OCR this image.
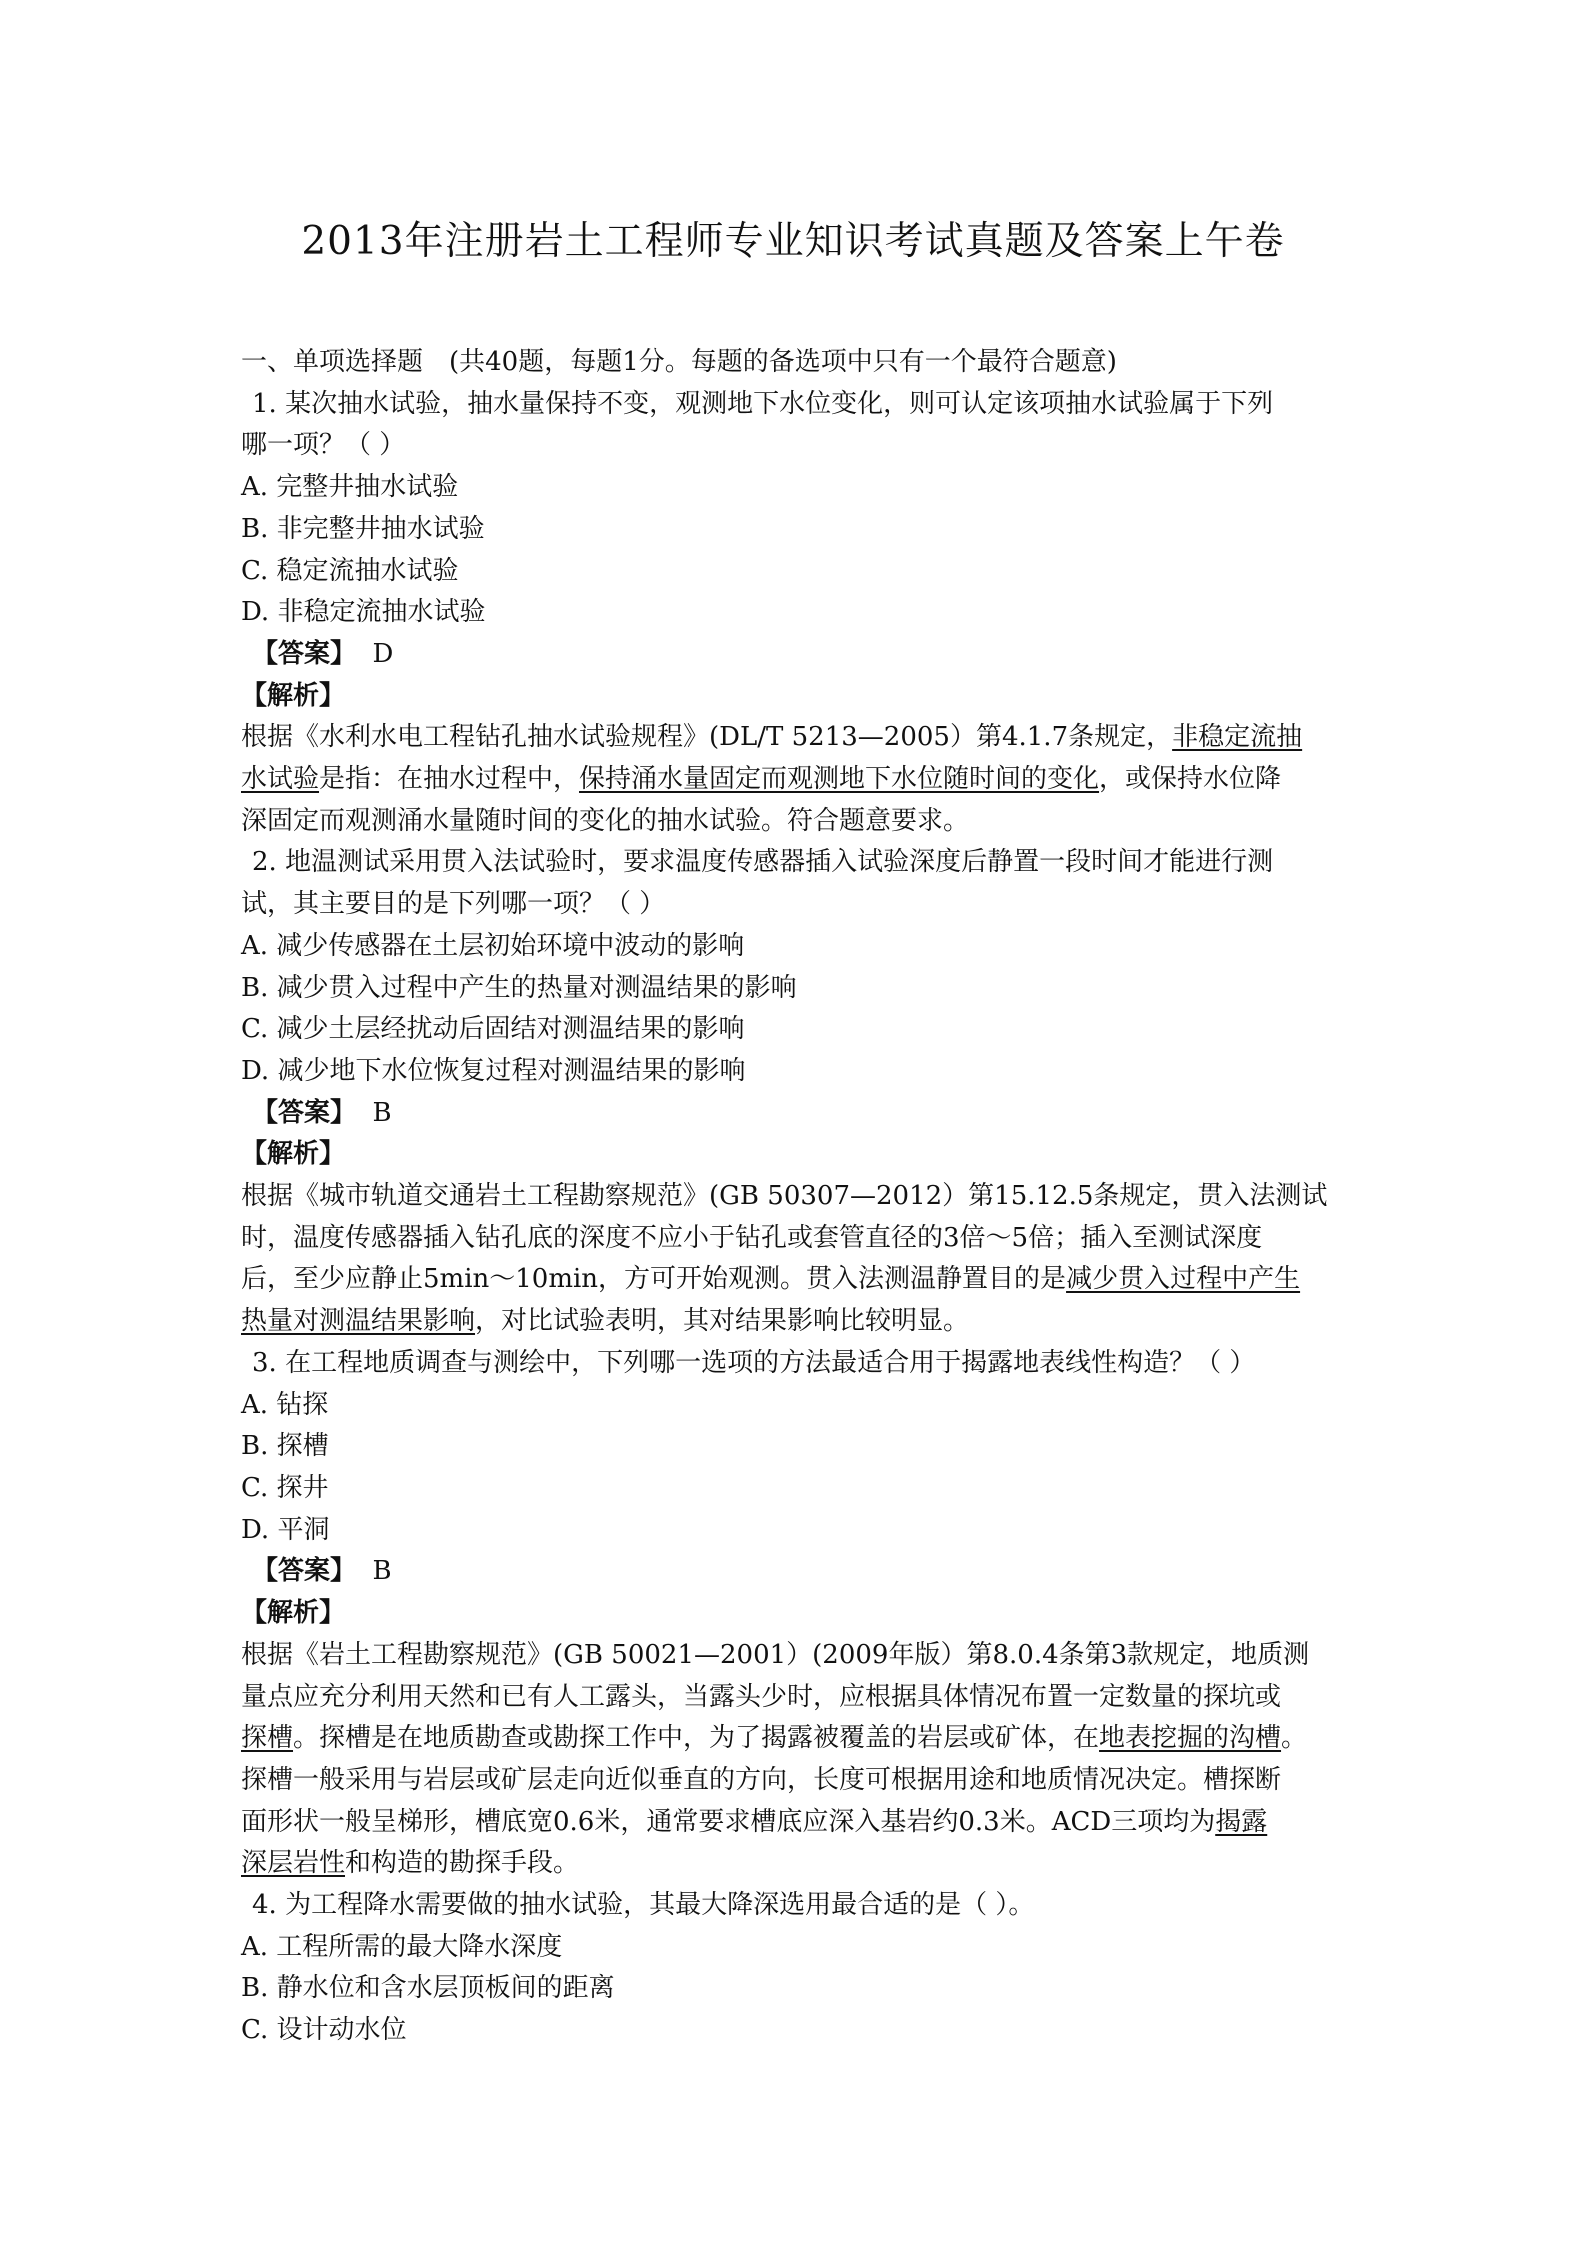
2013年注册岩土工程师专业知识考试真题及答案上午卷
一、单项选择题　(共40题，每题1分。每题的备选项中只有一个最符合题意)
1. 某次抽水试验，抽水量保持不变，观测地下水位变化，则可认定该项抽水试验属于下列
哪一项？（ ）
A. 完整井抽水试验
B. 非完整井抽水试验
C. 稳定流抽水试验
D. 非稳定流抽水试验
【答案】 D
【解析】
根据《水利水电工程钻孔抽水试验规程》(DL/T 5213—2005）第4.1.7条规定，非稳定流抽
水试验是指：在抽水过程中，保持涌水量固定而观测地下水位随时间的变化，或保持水位降
深固定而观测涌水量随时间的变化的抽水试验。符合题意要求。
2. 地温测试采用贯入法试验时，要求温度传感器插入试验深度后静置一段时间才能进行测
试，其主要目的是下列哪一项？（ ）
A. 减少传感器在土层初始环境中波动的影响
B. 减少贯入过程中产生的热量对测温结果的影响
C. 减少土层经扰动后固结对测温结果的影响
D. 减少地下水位恢复过程对测温结果的影响
【答案】 B
【解析】
根据《城市轨道交通岩土工程勘察规范》(GB 50307—2012）第15.12.5条规定，贯入法测试
时，温度传感器插入钻孔底的深度不应小于钻孔或套管直径的3倍～5倍；插入至测试深度
后，至少应静止5min～10min，方可开始观测。贯入法测温静置目的是减少贯入过程中产生
热量对测温结果影响，对比试验表明，其对结果影响比较明显。
3. 在工程地质调查与测绘中，下列哪一选项的方法最适合用于揭露地表线性构造？（ ）
A. 钻探
B. 探槽
C. 探井
D. 平洞
【答案】 B
【解析】
根据《岩土工程勘察规范》(GB 50021—2001）(2009年版）第8.0.4条第3款规定，地质测
量点应充分利用天然和已有人工露头，当露头少时，应根据具体情况布置一定数量的探坑或
探槽。探槽是在地质勘查或勘探工作中，为了揭露被覆盖的岩层或矿体，在地表挖掘的沟槽。
探槽一般采用与岩层或矿层走向近似垂直的方向，长度可根据用途和地质情况决定。槽探断
面形状一般呈梯形，槽底宽0.6米，通常要求槽底应深入基岩约0.3米。ACD三项均为揭露
深层岩性和构造的勘探手段。
4. 为工程降水需要做的抽水试验，其最大降深选用最合适的是（ ）。
A. 工程所需的最大降水深度
B. 静水位和含水层顶板间的距离
C. 设计动水位
